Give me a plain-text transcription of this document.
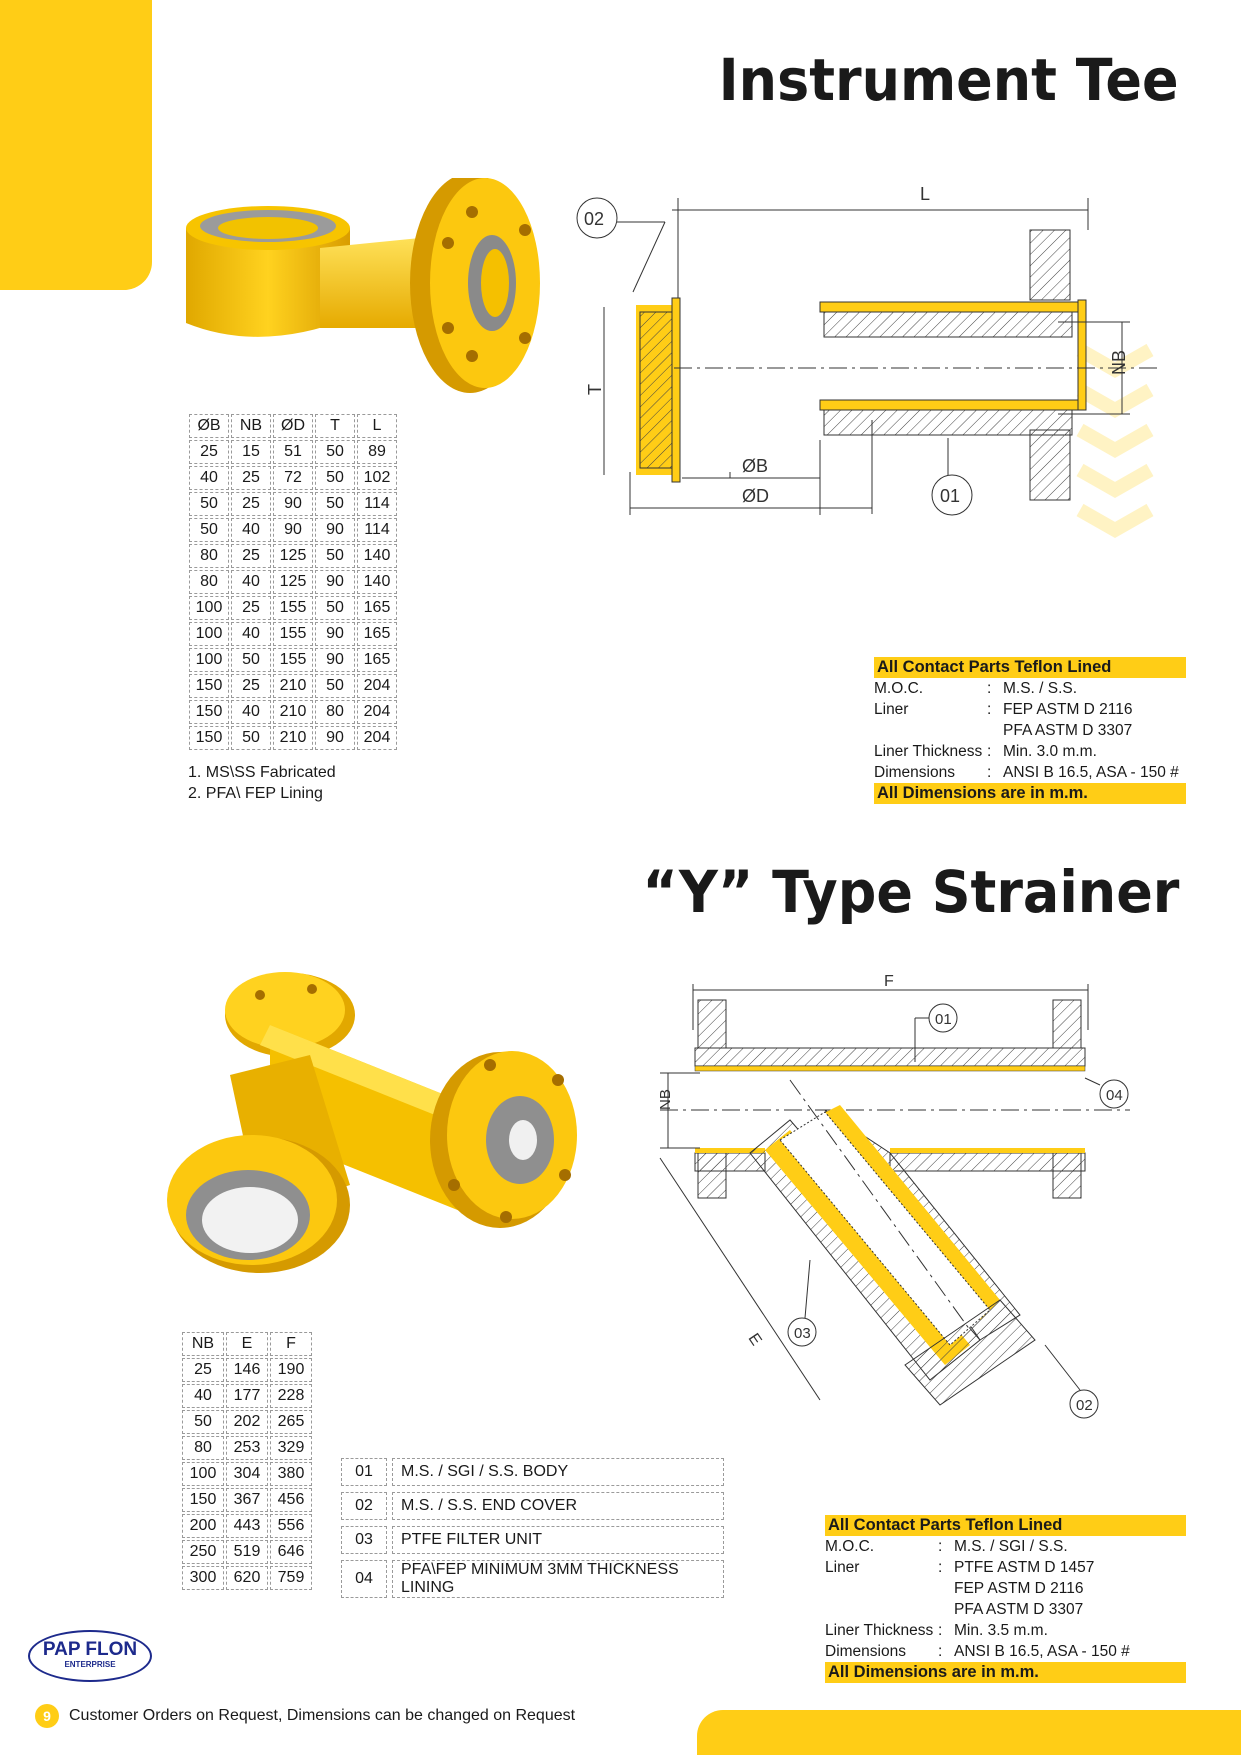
Instrument Tee
L
02
T
NB
ØB
ØD	01
ØB	NB	ØD	T	L
25	15	51	50	89
40	25	72	50	102
50	25	90	50	114
50	40	90	90	114
80	25	125	50	140
80	40	125	90	140
100	25	155	50	165
100	40	155	90	165
100	50	155	90	165
150	25	210	50	204
150	40	210	80	204
150	50	210	90	204
1. MS\SS Fabricated
2. PFA\ FEP Lining
All Contact Parts Teflon Lined
M.O.C.	: M.S. / S.S.
Liner	: FEP ASTM D 2116
PFA ASTM D 3307
Liner Thickness : Min. 3.0 m.m.
Dimensions	: ANSI B 16.5, ASA - 150 #
All Dimensions are in m.m.
“Y” Type Strainer
F
NB
E
01
04
03
02
NB	E	F
25	146	190
40	177	228
50	202	265
80	253	329
100	304	380
150	367	456
200	443	556
250	519	646
300	620	759
01	M.S. / SGI / S.S. BODY
02	M.S. / S.S. END COVER
03	PTFE FILTER UNIT
04	PFA\FEP MINIMUM 3MM THICKNESS LINING
All Contact Parts Teflon Lined
M.O.C.	: M.S. / SGI / S.S.
Liner	: PTFE ASTM D 1457
FEP ASTM D 2116
PFA ASTM D 3307
Liner Thickness : Min. 3.5 m.m.
Dimensions	: ANSI B 16.5, ASA - 150 #
All Dimensions are in m.m.
PAP FLON
ENTERPRISE
9	Customer Orders on Request, Dimensions can be changed on Request
